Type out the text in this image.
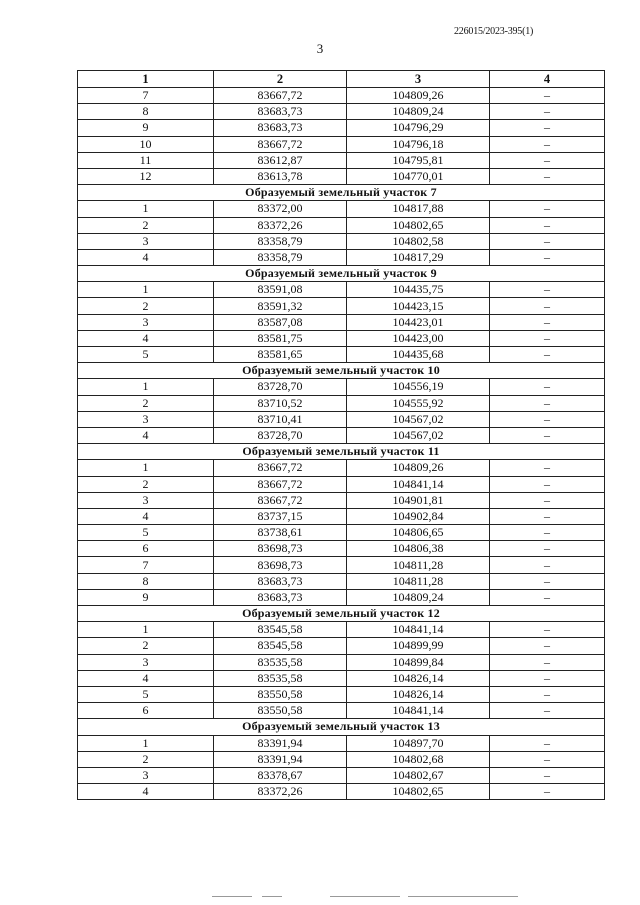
226015/2023-395(1)
3
1	2	3	4
7	83667,72	104809,26	–
8	83683,73	104809,24	–
9	83683,73	104796,29	–
10	83667,72	104796,18	–
11	83612,87	104795,81	–
12	83613,78	104770,01	–
Образуемый земельный участок 7			
1	83372,00	104817,88	–
2	83372,26	104802,65	–
3	83358,79	104802,58	–
4	83358,79	104817,29	–
Образуемый земельный участок 9			
1	83591,08	104435,75	–
2	83591,32	104423,15	–
3	83587,08	104423,01	–
4	83581,75	104423,00	–
5	83581,65	104435,68	–
Образуемый земельный участок 10			
1	83728,70	104556,19	–
2	83710,52	104555,92	–
3	83710,41	104567,02	–
4	83728,70	104567,02	–
Образуемый земельный участок 11			
1	83667,72	104809,26	–
2	83667,72	104841,14	–
3	83667,72	104901,81	–
4	83737,15	104902,84	–
5	83738,61	104806,65	–
6	83698,73	104806,38	–
7	83698,73	104811,28	–
8	83683,73	104811,28	–
9	83683,73	104809,24	–
Образуемый земельный участок 12			
1	83545,58	104841,14	–
2	83545,58	104899,99	–
3	83535,58	104899,84	–
4	83535,58	104826,14	–
5	83550,58	104826,14	–
6	83550,58	104841,14	–
Образуемый земельный участок 13			
1	83391,94	104897,70	–
2	83391,94	104802,68	–
3	83378,67	104802,67	–
4	83372,26	104802,65	–
